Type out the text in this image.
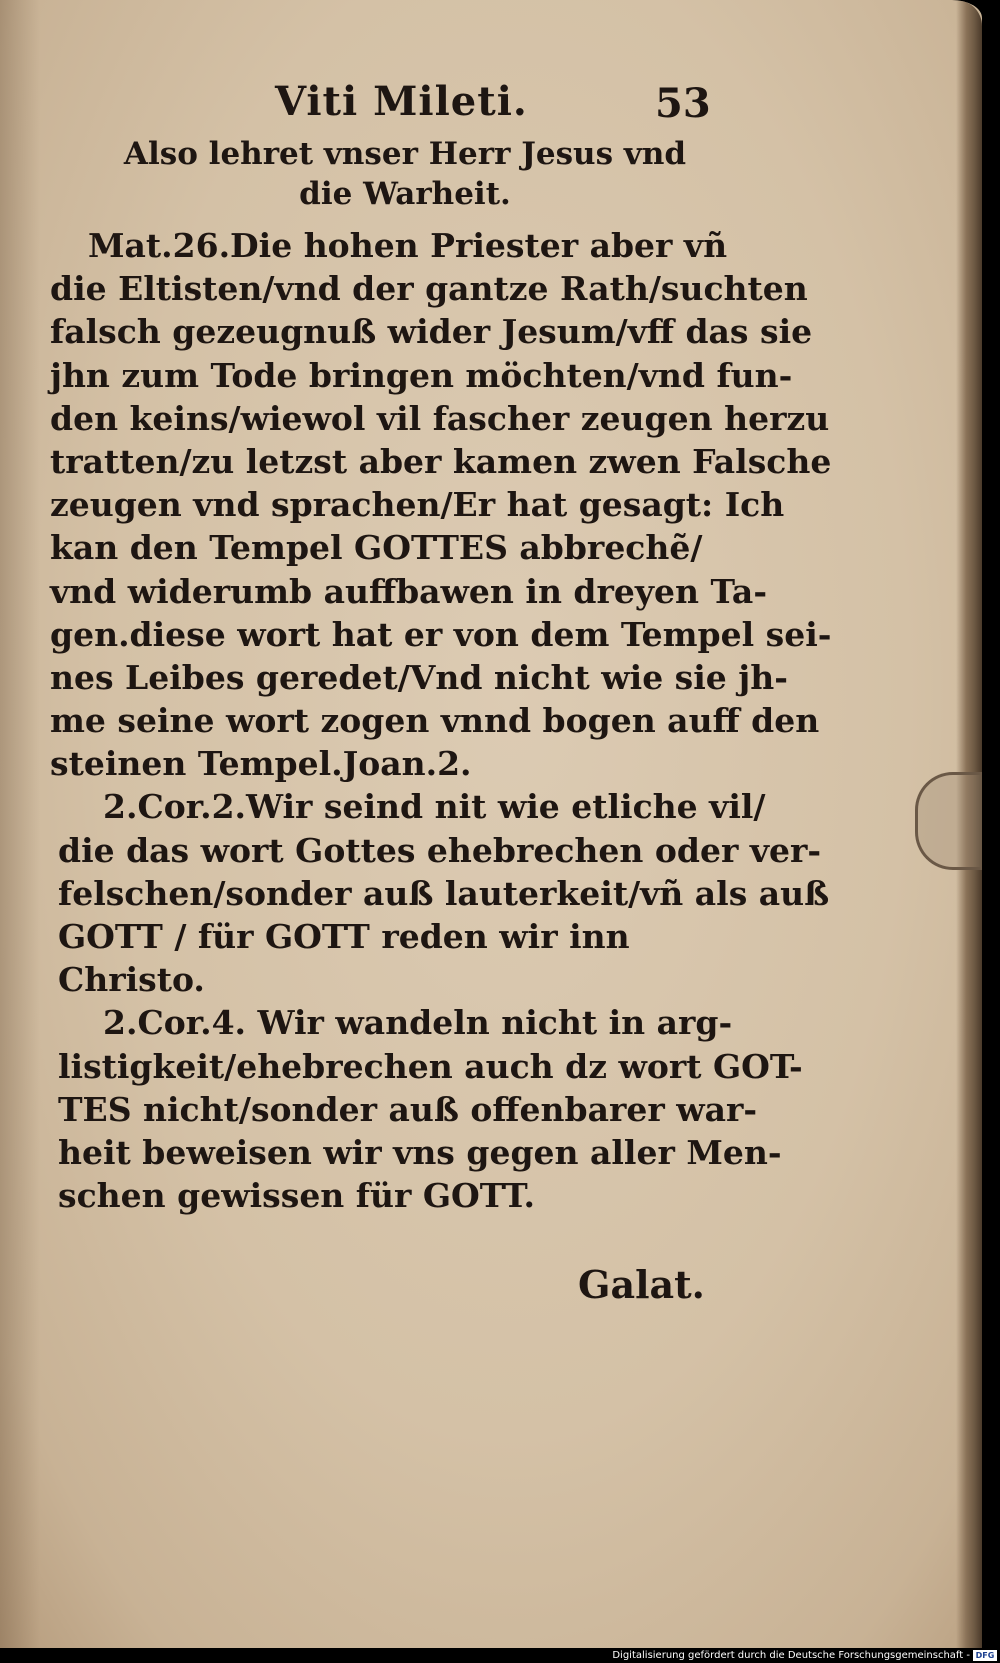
Viti Mileti.	53
Also lehret vnser Herr Jesus vnd
die Warheit.
Mat.26.Die hohen Priester aber vñ
die Eltisten/vnd der gantze Rath/suchten
falsch gezeugnuß wider Jesum/vff das sie
jhn zum Tode bringen möchten/vnd fun-
den keins/wiewol vil fascher zeugen herzu
tratten/zu letzst aber kamen zwen Falsche
zeugen vnd sprachen/Er hat gesagt: Ich
kan den Tempel GOTTES abbrechẽ/
vnd widerumb auffbawen in dreyen Ta-
gen.diese wort hat er von dem Tempel sei-
nes Leibes geredet/Vnd nicht wie sie jh-
me seine wort zogen vnnd bogen auff den
steinen Tempel.Joan.2.
2.Cor.2.Wir seind nit wie etliche vil/
die das wort Gottes ehebrechen oder ver-
felschen/sonder auß lauterkeit/vñ als auß
GOTT / für GOTT reden wir inn
Christo.
2.Cor.4. Wir wandeln nicht in arg-
listigkeit/ehebrechen auch dz wort GOT-
TES nicht/sonder auß offenbarer war-
heit beweisen wir vns gegen aller Men-
schen gewissen für GOTT.
Galat.
Digitalisierung gefördert durch die Deutsche Forschungsgemeinschaft - DFG
